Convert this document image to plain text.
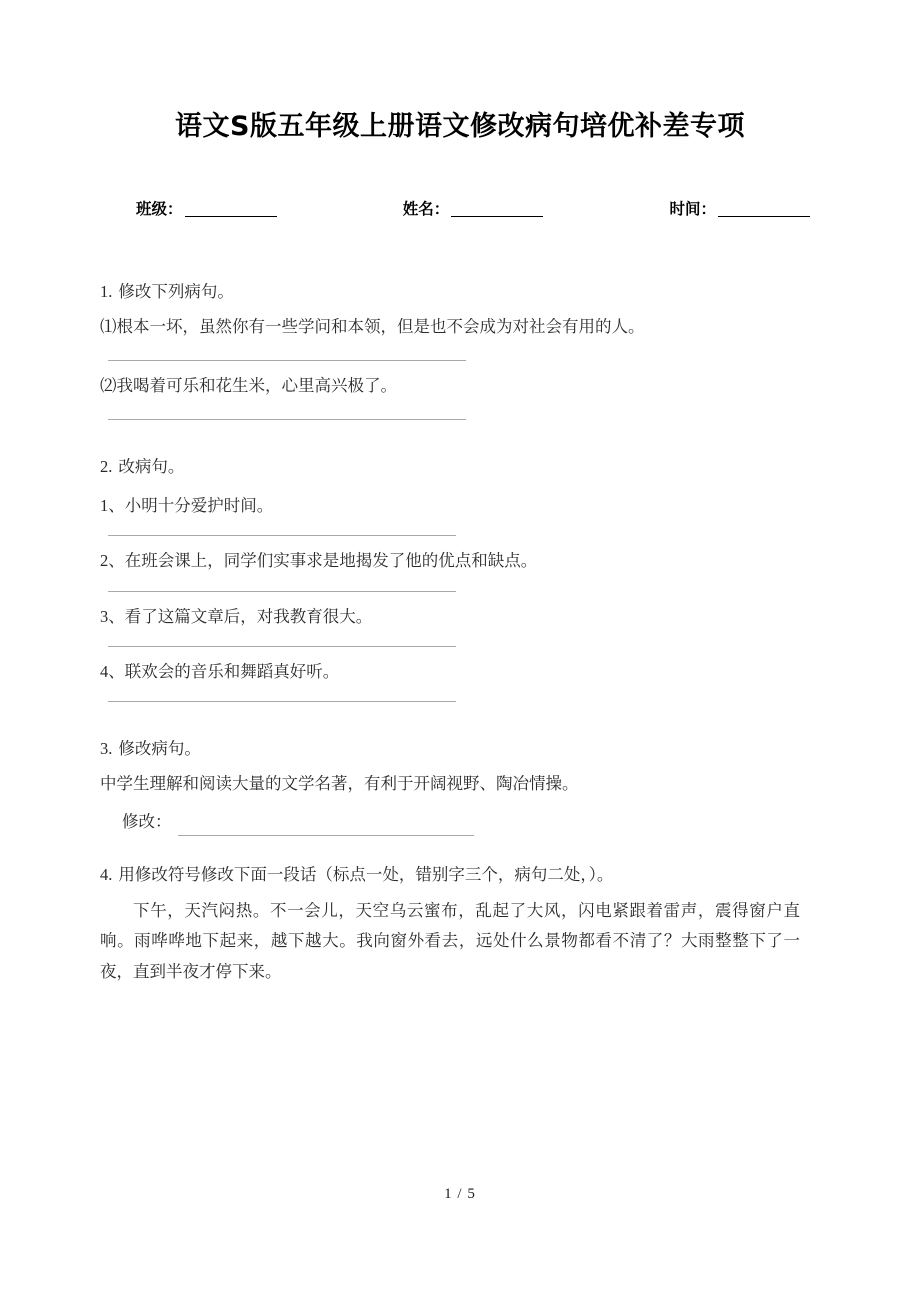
语文S版五年级上册语文修改病句培优补差专项
班级：	姓名：	时间：

1. 修改下列病句。

⑴根本一坏，虽然你有一些学问和本领，但是也不会成为对社会有用的人。

⑵我喝着可乐和花生米，心里高兴极了。

2. 改病句。

1、小明十分爱护时间。

2、在班会课上，同学们实事求是地揭发了他的优点和缺点。

3、看了这篇文章后，对我教育很大。

4、联欢会的音乐和舞蹈真好听。

3. 修改病句。

中学生理解和阅读大量的文学名著，有利于开阔视野、陶冶情操。

修改：

4. 用修改符号修改下面一段话（标点一处，错别字三个，病句二处，）。

下午，天汽闷热。不一会儿，天空乌云蜜布，乱起了大风，闪电紧跟着雷声，震得窗户直响。雨哗哗地下起来，越下越大。我向窗外看去，远处什么景物都看不清了？大雨整整下了一夜，直到半夜才停下来。

1 / 5
